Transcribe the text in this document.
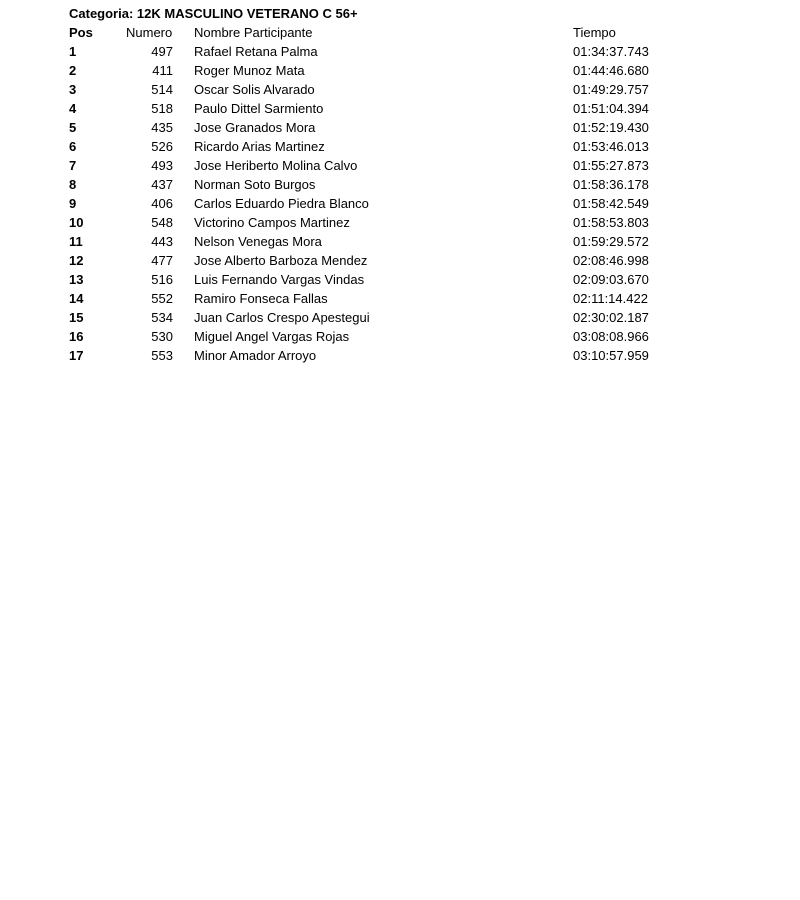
Categoria: 12K MASCULINO VETERANO C 56+
Pos	Numero	Nombre Participante	Tiempo
1	497 Rafael Retana Palma	01:34:37.743
2	411 Roger Munoz Mata	01:44:46.680
3	514 Oscar Solis Alvarado	01:49:29.757
4	518 Paulo Dittel Sarmiento	01:51:04.394
5	435 Jose Granados Mora	01:52:19.430
6	526 Ricardo Arias Martinez	01:53:46.013
7	493 Jose Heriberto Molina Calvo	01:55:27.873
8	437 Norman Soto Burgos	01:58:36.178
9	406 Carlos Eduardo Piedra Blanco	01:58:42.549
10	548 Victorino Campos Martinez	01:58:53.803
11	443 Nelson Venegas Mora	01:59:29.572
12	477 Jose Alberto Barboza Mendez	02:08:46.998
13	516 Luis Fernando Vargas Vindas	02:09:03.670
14	552 Ramiro Fonseca Fallas	02:11:14.422
15	534 Juan Carlos Crespo Apestegui	02:30:02.187
16	530 Miguel Angel Vargas Rojas	03:08:08.966
17	553 Minor Amador Arroyo	03:10:57.959
